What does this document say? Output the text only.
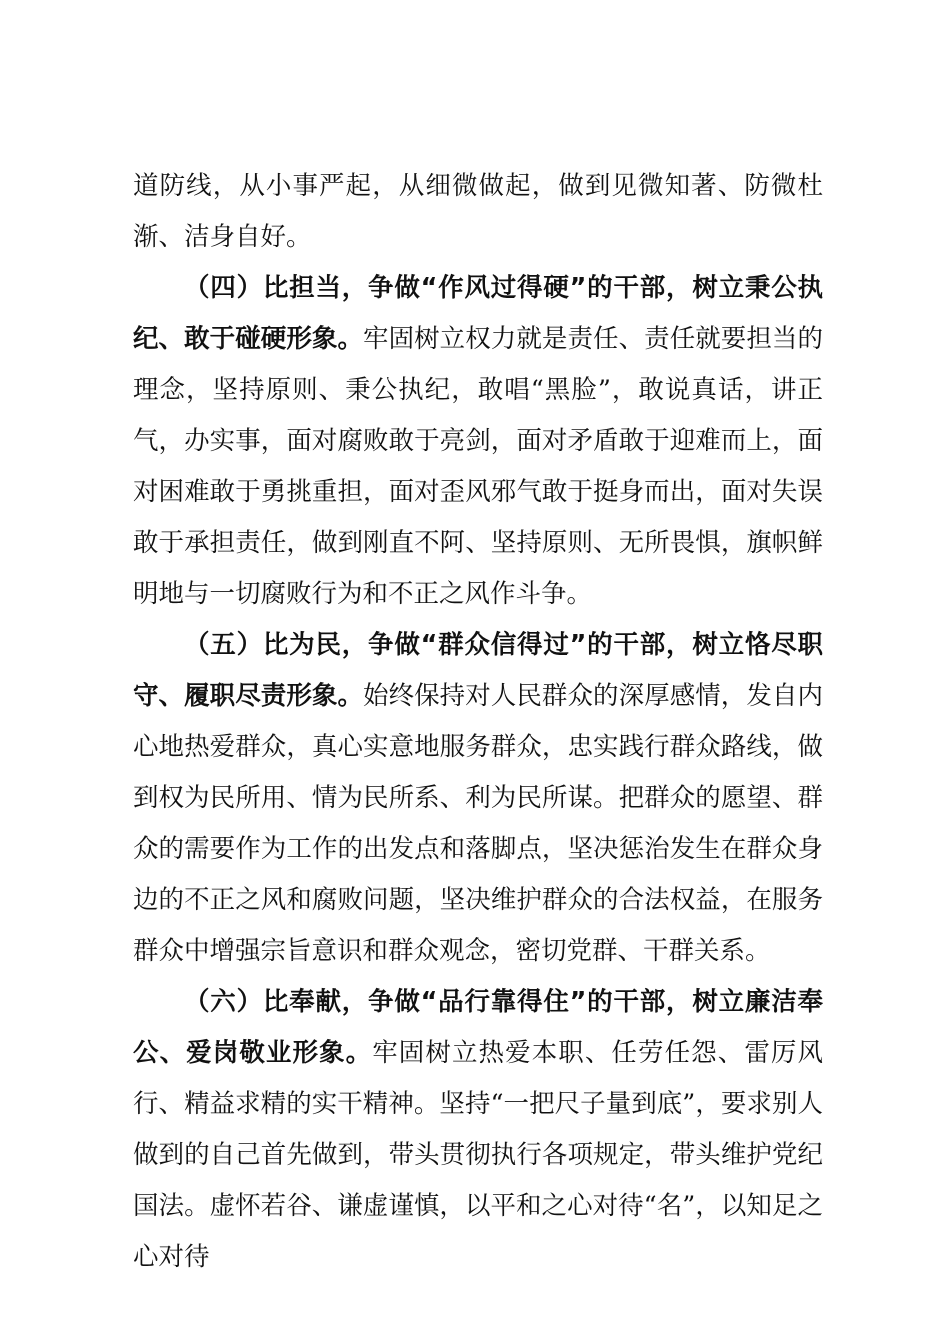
道防线，从小事严起，从细微做起，做到见微知著、防微杜渐、洁身自好。

（四）比担当，争做“作风过得硬”的干部，树立秉公执纪、敢于碰硬形象。牢固树立权力就是责任、责任就要担当的理念，坚持原则、秉公执纪，敢唱“黑脸”，敢说真话，讲正气，办实事，面对腐败敢于亮剑，面对矛盾敢于迎难而上，面对困难敢于勇挑重担，面对歪风邪气敢于挺身而出，面对失误敢于承担责任，做到刚直不阿、坚持原则、无所畏惧，旗帜鲜明地与一切腐败行为和不正之风作斗争。

（五）比为民，争做“群众信得过”的干部，树立恪尽职守、履职尽责形象。始终保持对人民群众的深厚感情，发自内心地热爱群众，真心实意地服务群众，忠实践行群众路线，做到权为民所用、情为民所系、利为民所谋。把群众的愿望、群众的需要作为工作的出发点和落脚点，坚决惩治发生在群众身边的不正之风和腐败问题，坚决维护群众的合法权益，在服务群众中增强宗旨意识和群众观念，密切党群、干群关系。

（六）比奉献，争做“品行靠得住”的干部，树立廉洁奉公、爱岗敬业形象。牢固树立热爱本职、任劳任怨、雷厉风行、精益求精的实干精神。坚持“一把尺子量到底”，要求别人做到的自己首先做到，带头贯彻执行各项规定，带头维护党纪国法。虚怀若谷、谦虚谨慎，以平和之心对待“名”，以知足之心对待
